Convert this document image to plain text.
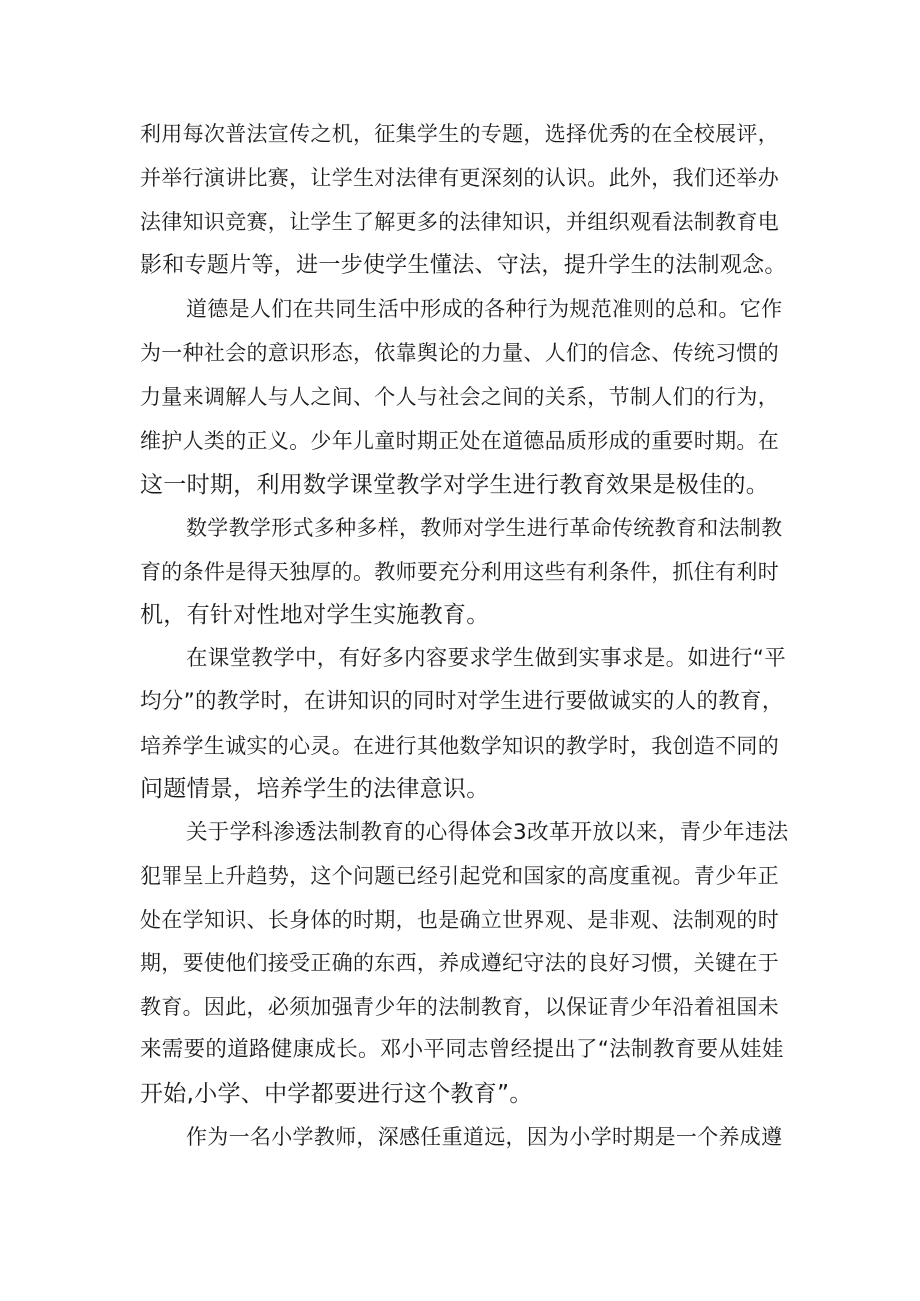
利用每次普法宣传之机，征集学生的专题，选择优秀的在全校展评，
并举行演讲比赛，让学生对法律有更深刻的认识。此外，我们还举办
法律知识竞赛，让学生了解更多的法律知识，并组织观看法制教育电
影和专题片等，进一步使学生懂法、守法，提升学生的法制观念。
道德是人们在共同生活中形成的各种行为规范准则的总和。它作
为一种社会的意识形态，依靠舆论的力量、人们的信念、传统习惯的
力量来调解人与人之间、个人与社会之间的关系，节制人们的行为，
维护人类的正义。少年儿童时期正处在道德品质形成的重要时期。在
这一时期，利用数学课堂教学对学生进行教育效果是极佳的。
数学教学形式多种多样，教师对学生进行革命传统教育和法制教
育的条件是得天独厚的。教师要充分利用这些有利条件，抓住有利时
机，有针对性地对学生实施教育。
在课堂教学中，有好多内容要求学生做到实事求是。如进行“平
均分”的教学时，在讲知识的同时对学生进行要做诚实的人的教育，
培养学生诚实的心灵。在进行其他数学知识的教学时，我创造不同的
问题情景，培养学生的法律意识。
关于学科渗透法制教育的心得体会3改革开放以来，青少年违法
犯罪呈上升趋势，这个问题已经引起党和国家的高度重视。青少年正
处在学知识、长身体的时期，也是确立世界观、是非观、法制观的时
期，要使他们接受正确的东西，养成遵纪守法的良好习惯，关键在于
教育。因此，必须加强青少年的法制教育，以保证青少年沿着祖国未
来需要的道路健康成长。邓小平同志曾经提出了“法制教育要从娃娃
开始,小学、中学都要进行这个教育”。
作为一名小学教师，深感任重道远，因为小学时期是一个养成遵
